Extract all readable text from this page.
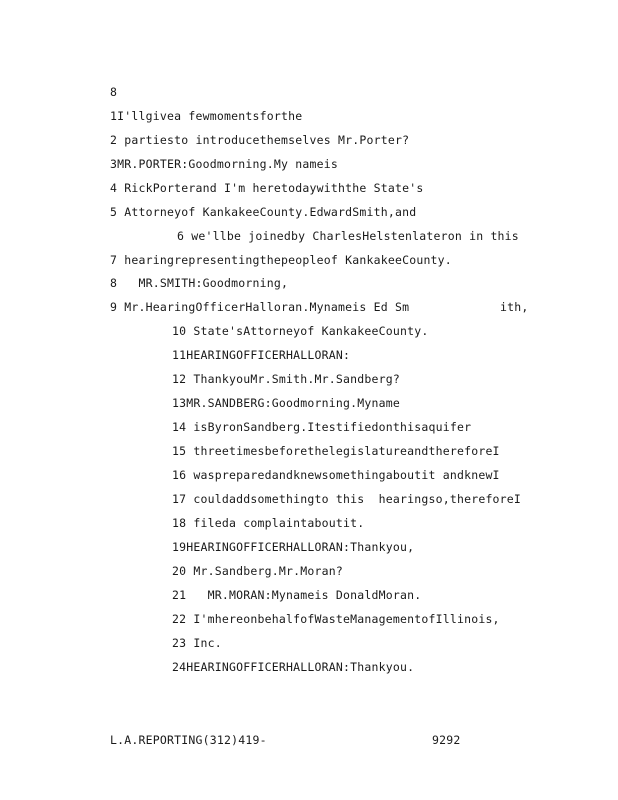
8
1I'llgivea fewmomentsforthe
2 partiesto introducethemselves Mr.Porter?
3MR.PORTER:Goodmorning.My nameis
4 RickPorterand I'm heretodaywiththe State's
5 Attorneyof KankakeeCounty.EdwardSmith,and
6 we'llbe joinedby CharlesHelstenlateron in this
7 hearingrepresentingthepeopleof KankakeeCounty.
8   MR.SMITH:Goodmorning,
9 Mr.HearingOfficerHalloran.Mynameis Ed Sm	ith,
10 State'sAttorneyof KankakeeCounty.
11HEARINGOFFICERHALLORAN:
12 ThankyouMr.Smith.Mr.Sandberg?
13MR.SANDBERG:Goodmorning.Myname
14 isByronSandberg.Itestifiedonthisaquifer
15 threetimesbeforethelegislatureandthereforeI
16 waspreparedandknewsomethingaboutit andknewI
17 couldaddsomethingto this  hearingso,thereforeI
18 fileda complaintaboutit.
19HEARINGOFFICERHALLORAN:Thankyou,
20 Mr.Sandberg.Mr.Moran?
21   MR.MORAN:Mynameis DonaldMoran.
22 I'mhereonbehalfofWasteManagementofIllinois,
23 Inc.
24HEARINGOFFICERHALLORAN:Thankyou.
L.A.REPORTING(312)419-	9292
